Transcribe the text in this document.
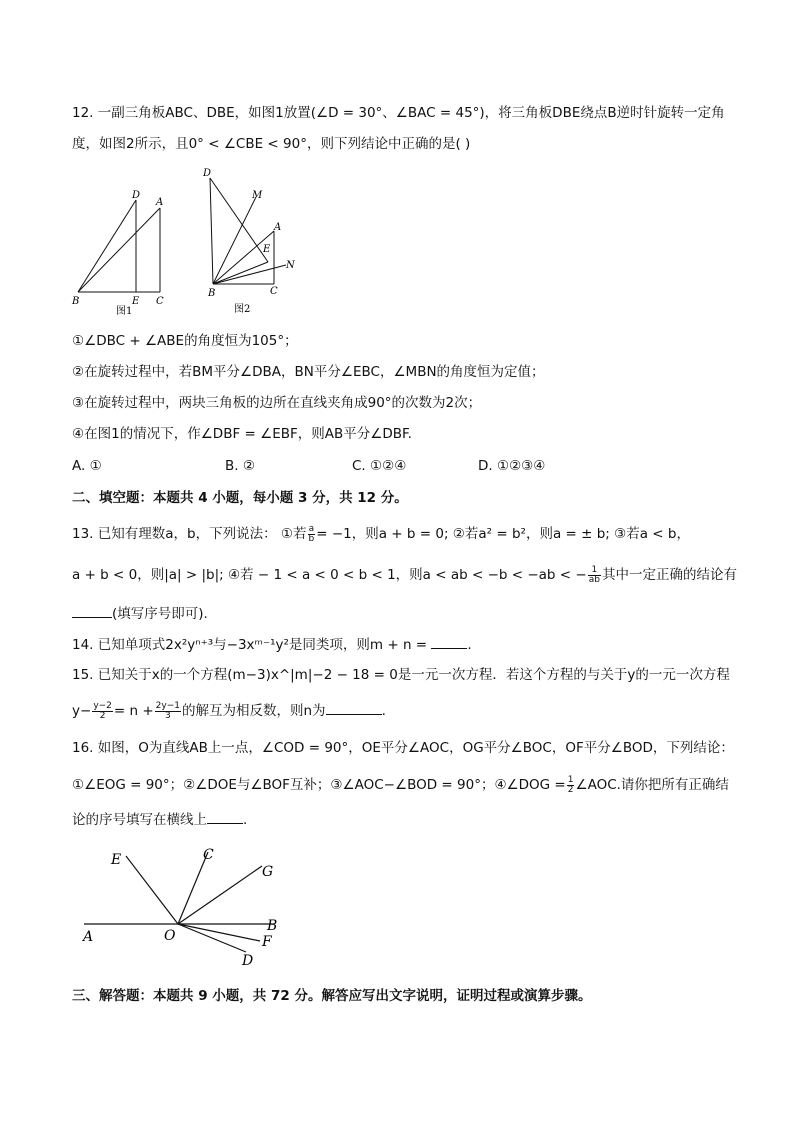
12. 一副三角板ABC、DBE，如图1放置(∠D = 30°、∠BAC = 45°)，将三角板DBE绕点B逆时针旋转一定角
度，如图2所示，且0° < ∠CBE < 90°，则下列结论中正确的是( )
D
A
B	E C
图1
D
M
A
E
N
B	C
图2
①∠DBC + ∠ABE的角度恒为105°；
②在旋转过程中，若BM平分∠DBA，BN平分∠EBC，∠MBN的角度恒为定值；
③在旋转过程中，两块三角板的边所在直线夹角成90°的次数为2次；
④在图1的情况下，作∠DBF = ∠EBF，则AB平分∠DBF.
A. ①	B. ②	C. ①②④	D. ①②③④
二、填空题：本题共 4 小题，每小题 3 分，共 12 分。
13. 已知有理数a，b，下列说法： ①若 $\frac{a}{b} = -1$，则a + b = 0; ②若a² = b²，则a = ± b; ③若a < b，
a + b < 0，则|a| > |b|; ④若 − 1 < a < 0 < b < 1，则a < ab < −b < −ab < − $\frac{1}{ab}$ 其中一定正确的结论有
(填写序号即可).
14. 已知单项式2x²yⁿ⁺³与−3xᵐ⁻¹y²是同类项，则m + n =	.
15. 已知关于x的一个方程(m−3)x^|m|−2 − 18 = 0是一元一次方程．若这个方程的与关于y的一元一次方程
$y- \frac{y-2}{2} = n + \frac{2y-1}{3}$ 的解互为相反数，则n为	.
16. 如图，O为直线AB上一点，∠COD = 90°，OE平分∠AOC，OG平分∠BOC，OF平分∠BOD，下列结论：
①∠EOG = 90°；②∠DOE与∠BOF互补；③∠AOC−∠BOD = 90°；④∠DOG = $\frac{1}{2}$ ∠AOC.请你把所有正确结
论的序号填写在横线上	.
E	C
G
A	O
B
F
D
三、解答题：本题共 9 小题，共 72 分。解答应写出文字说明，证明过程或演算步骤。
